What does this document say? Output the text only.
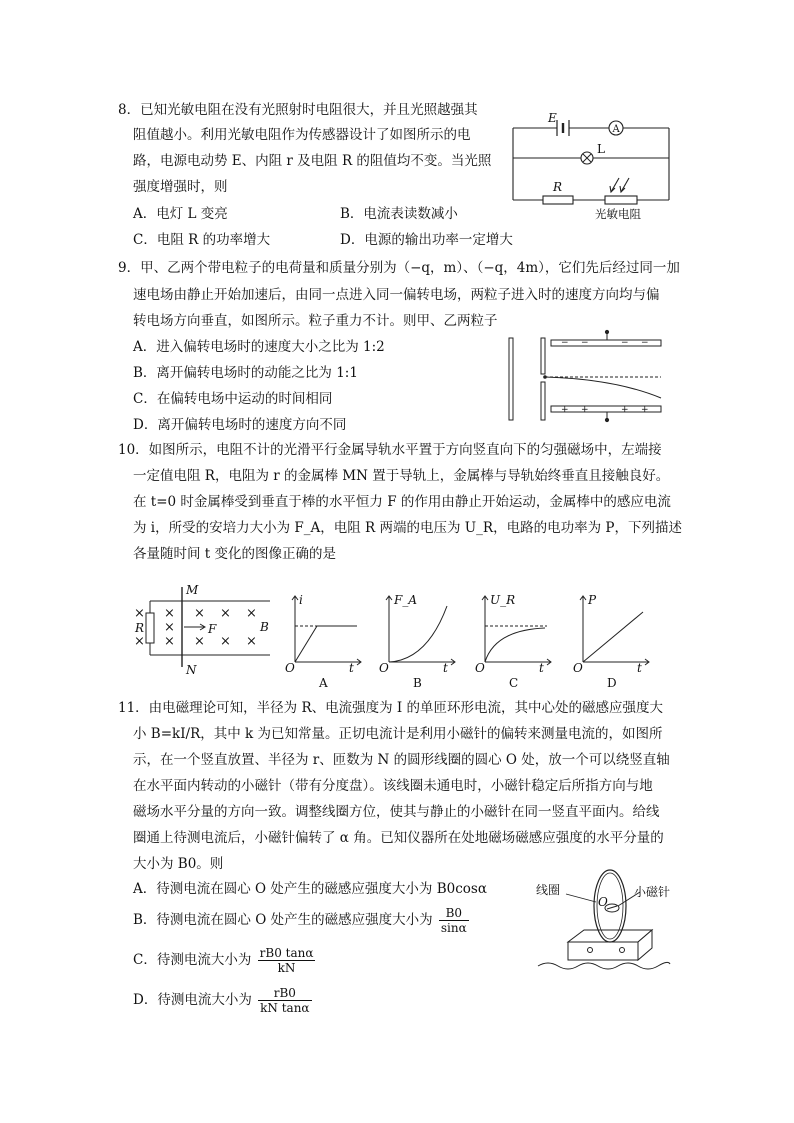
8．已知光敏电阻在没有光照射时电阻很大，并且光照越强其
阻值越小。利用光敏电阻作为传感器设计了如图所示的电
路，电源电动势 E、内阻 r 及电阻 R 的阻值均不变。当光照
强度增强时，则
A．电灯 L 变亮	B．电流表读数减小
C．电阻 R 的功率增大	D．电源的输出功率一定增大
E
A
L
R
光敏电阻
9．甲、乙两个带电粒子的电荷量和质量分别为（−q，m）、（−q，4m），它们先后经过同一加
速电场由静止开始加速后，由同一点进入同一偏转电场，两粒子进入时的速度方向均与偏
转电场方向垂直，如图所示。粒子重力不计。则甲、乙两粒子
A．进入偏转电场时的速度大小之比为 1:2
B．离开偏转电场时的动能之比为 1:1
C．在偏转电场中运动的时间相同
D．离开偏转电场时的速度方向不同
− −	− −
+ +	+ +
10．如图所示，电阻不计的光滑平行金属导轨水平置于方向竖直向下的匀强磁场中，左端接
一定值电阻 R，电阻为 r 的金属棒 MN 置于导轨上，金属棒与导轨始终垂直且接触良好。
在 t=0 时金属棒受到垂直于棒的水平恒力 F 的作用由静止开始运动，金属棒中的感应电流
为 i，所受的安培力大小为 F_A，电阻 R 两端的电压为 U_R，电路的电功率为 P，下列描述
各量随时间 t 变化的图像正确的是
×
×
×
×
×
×
×
×
×
×
×
M
N
R	F	B
i
O	t
A
F_A
O	t
B
U_R
O	t
C
P
O	t
D
11．由电磁理论可知，半径为 R、电流强度为 I 的单匝环形电流，其中心处的磁感应强度大
小 B=kI/R，其中 k 为已知常量。正切电流计是利用小磁针的偏转来测量电流的，如图所
示，在一个竖直放置、半径为 r、匝数为 N 的圆形线圈的圆心 O 处，放一个可以绕竖直轴
在水平面内转动的小磁针（带有分度盘）。该线圈未通电时，小磁针稳定后所指方向与地
磁场水平分量的方向一致。调整线圈方位，使其与静止的小磁针在同一竖直平面内。给线
圈通上待测电流后，小磁针偏转了 α 角。已知仪器所在处地磁场磁感应强度的水平分量的
大小为 B0。则
A．待测电流在圆心 O 处产生的磁感应强度大小为 B0cosα
B．待测电流在圆心 O 处产生的磁感应强度大小为 $\frac{B0}{\sin\alpha}$
C．待测电流大小为 $\frac{rB0 \tan\alpha}{kN}$
D．待测电流大小为 $\frac{rB0}{\text{kN tanα}}$
线圈	小磁针
O
